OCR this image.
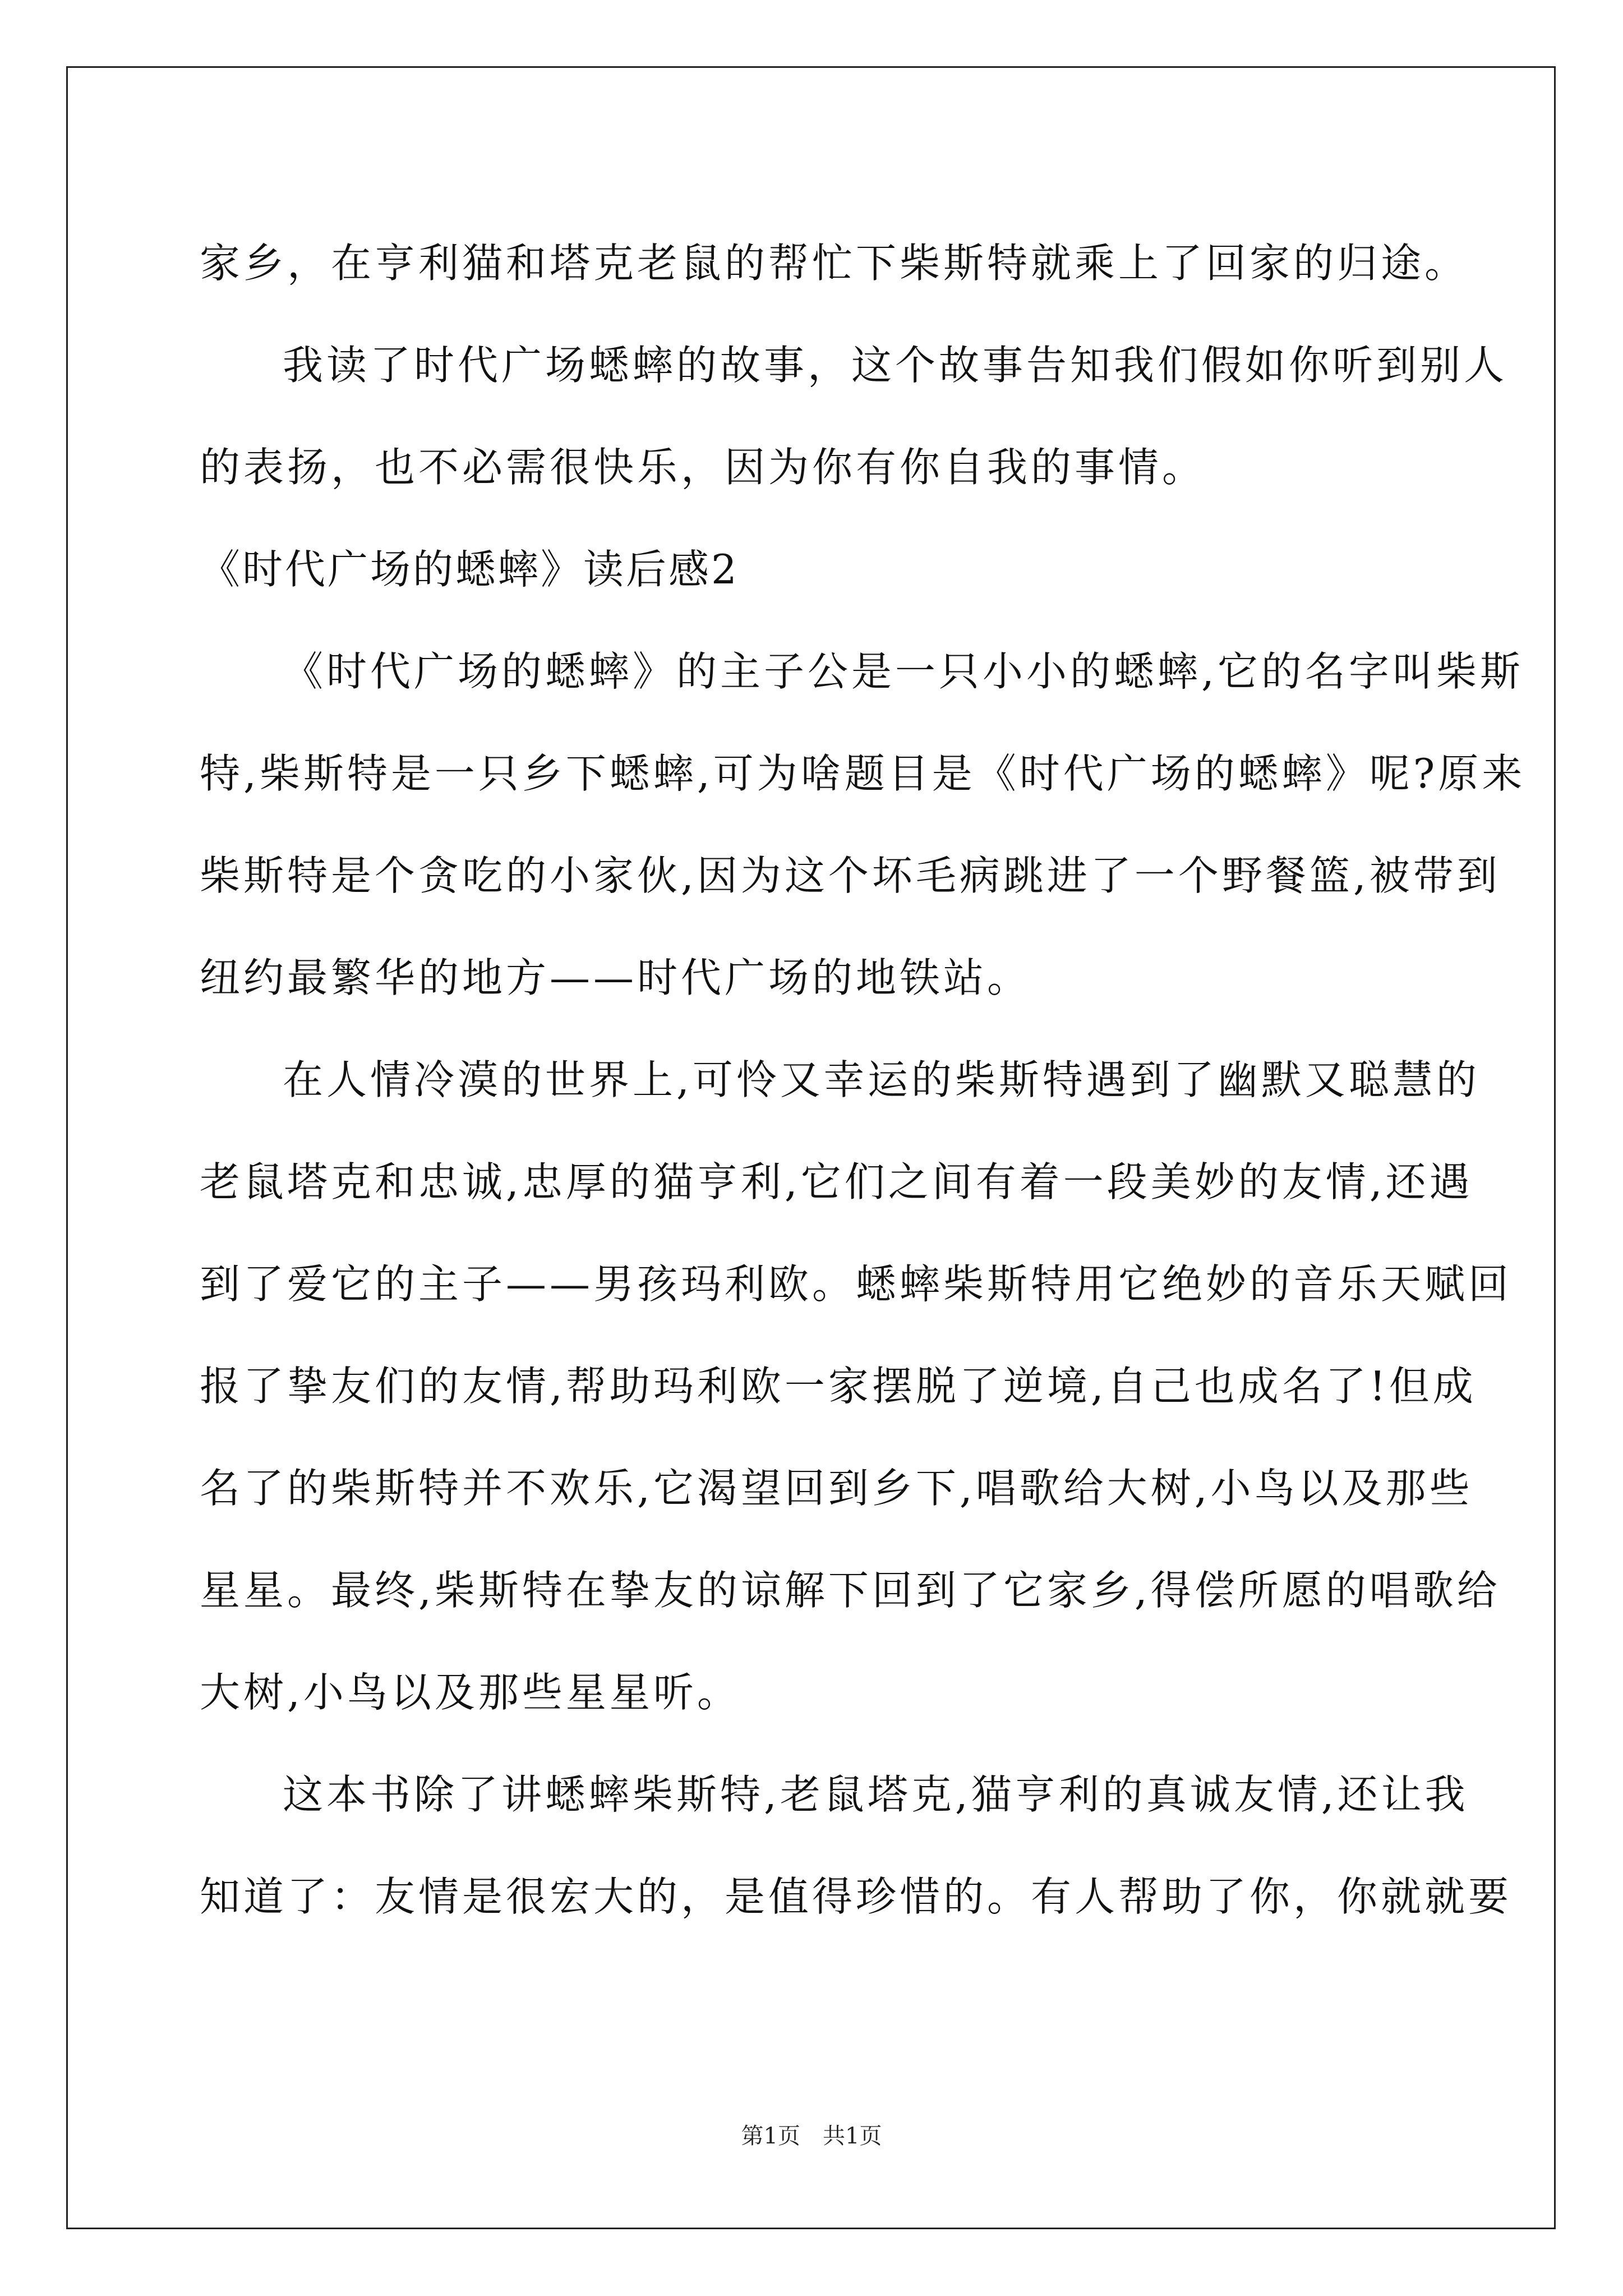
家乡，在亨利猫和塔克老鼠的帮忙下柴斯特就乘上了回家的归途。
我读了时代广场蟋蟀的故事，这个故事告知我们假如你听到别人
的表扬，也不必需很快乐，因为你有你自我的事情。
《时代广场的蟋蟀》读后感2
《时代广场的蟋蟀》的主子公是一只小小的蟋蟀,它的名字叫柴斯
特,柴斯特是一只乡下蟋蟀,可为啥题目是《时代广场的蟋蟀》呢?原来
柴斯特是个贪吃的小家伙,因为这个坏毛病跳进了一个野餐篮,被带到
纽约最繁华的地方——时代广场的地铁站。
在人情冷漠的世界上,可怜又幸运的柴斯特遇到了幽默又聪慧的
老鼠塔克和忠诚,忠厚的猫亨利,它们之间有着一段美妙的友情,还遇
到了爱它的主子——男孩玛利欧。蟋蟀柴斯特用它绝妙的音乐天赋回
报了挚友们的友情,帮助玛利欧一家摆脱了逆境,自己也成名了!但成
名了的柴斯特并不欢乐,它渴望回到乡下,唱歌给大树,小鸟以及那些
星星。最终,柴斯特在挚友的谅解下回到了它家乡,得偿所愿的唱歌给
大树,小鸟以及那些星星听。
这本书除了讲蟋蟀柴斯特,老鼠塔克,猫亨利的真诚友情,还让我
知道了：友情是很宏大的，是值得珍惜的。有人帮助了你，你就就要
第1页　共1页
